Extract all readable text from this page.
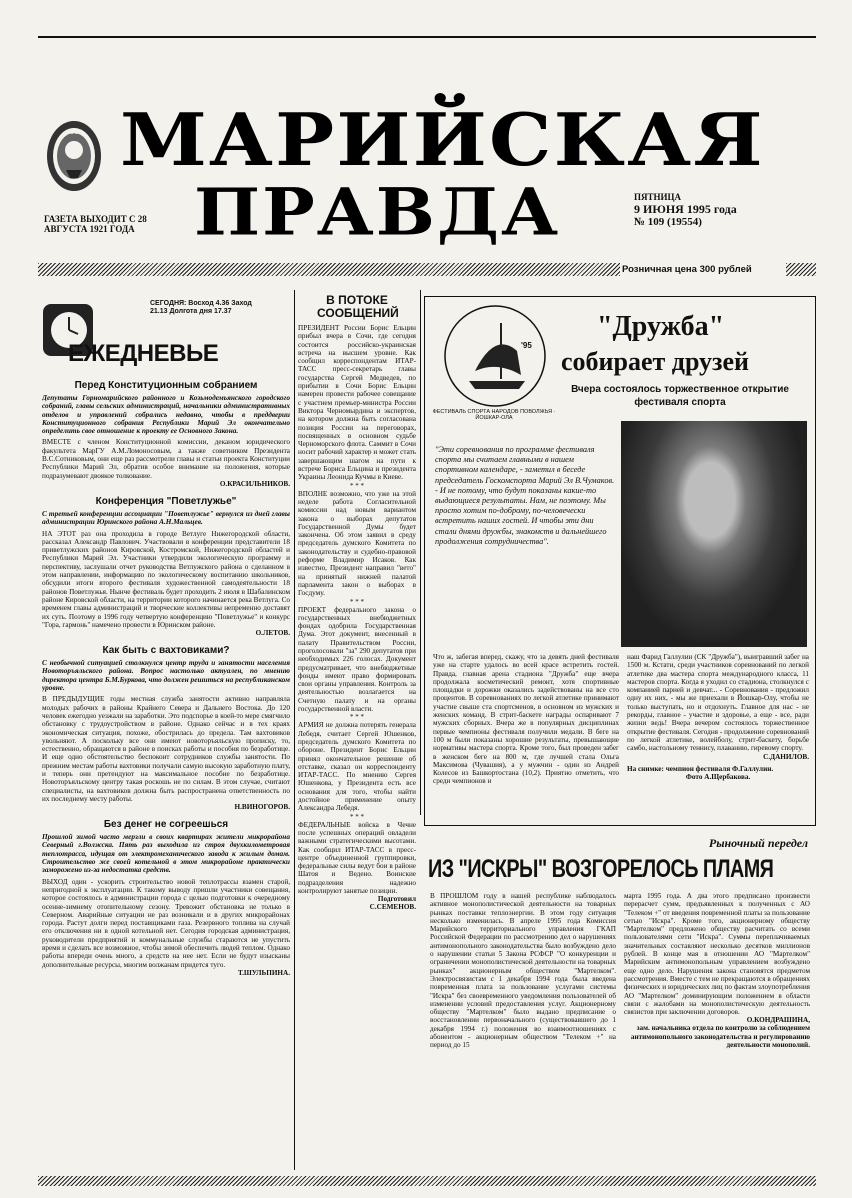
СССР МАРИЙСКАЯ
ПРАВДА
ГАЗЕТА ВЫХОДИТ С 28 АВГУСТА 1921 ГОДА
ПЯТНИЦА
9 ИЮНЯ 1995 года
№ 109 (19554)
Розничная цена 300 рублей
СЕГОДНЯ: Восход 4.36 Заход 21.13 Долгота дня 17.37
ЕЖЕДНЕВЬЕ
Перед Конституционным собранием
Депутаты Горномарийского районного и Козьмодемьянского городского собраний, главы сельских администраций, начальники административных отделов и управлений собрались недавно, чтобы в преддверии Конституционного собрания Республики Марий Эл окончательно определить свое отношение к проекту ее Основного Закона.
ВМЕСТЕ с членом Конституционной комиссии, деканом юридического факультета МарГУ А.М.Ломоносовым, а также советником Президента В.С.Сотниковым, они еще раз рассмотрели главы и статьи проекта Конституции Республики Марий Эл, обратив особое внимание на положения, которые подразумевают двоякое толкование.
О.КРАСИЛЬНИКОВ.
Конференция "Поветлужье"
С третьей конференции ассоциации "Поветлужье" вернулся из дней главы администрации Юринского района А.Н.Мальцев.
НА ЭТОТ раз она проходила в городе Ветлуге Нижегородской области, рассказал Александр Павлович. Участвовали в конференции представители 18 приветлужских районов Кировской, Костромской, Нижегородской областей и Республики Марий Эл. Участники утвердили экологическую программу и перспективу, заслушали отчет руководства Ветлужского района о сделанном в этом направлении, информацию по экологическому воспитанию школьников, обсудили итоги второго фестиваля художественной самодеятельности 18 районов Поветлужья. Нынче фестиваль будет проходить 2 июля в Шабалинском районе Кировской области, на территории которого начинается река Ветлуга. Со временем главы администраций и творческие коллективы непременно доставят их суть. Поэтому в 1996 году четвертую конференцию "Поветлужье" и конкурс "Гора, гармонь" намечено провести в Юринском районе.
О.ЛЕТОВ.
Как быть с вахтовиками?
С необычной ситуацией столкнулся центр труда и занятости населения Новоторъяльского района. Вопрос настолько актуален, по мнению директора центра Б.М.Буркова, что должен решиться на республиканском уровне.
В ПРЕДЫДУЩИЕ годы местная служба занятости активно направляла молодых рабочих в районы Крайнего Севера и Дальнего Востока. До 120 человек ежегодно уезжали на заработки. Это подспорье в коей-то мере смягчило обстановку с трудоустройством в районе. Однако сейчас и в тех краях экономическая ситуация, похоже, обострилась до предела. Там вахтовиков увольняют. А поскольку все они имеют новоторъяльскую прописку, то, естественно, обращаются в районе в поисках работы и пособия по безработице. И еще одно обстоятельство беспокоит сотрудников службы занятости. По прежним местам работы вахтовики получали самую высокую заработную плату, и теперь они претендуют на максимальное пособие по безработице. Новоторъяльскому центру такая роскошь не по силам. В этом случае, считают специалисты, на вахтовиков должна быть распространена ответственность по их последнему месту работы.
Н.ВИНОГОРОВ.
Без денег не согреешься
Прошлой зимой часто мерзли в своих квартирах жители микрорайона Северный г.Волжска. Пять раз выходила из строя двухкилометровая теплотрасса, идущая от электромеханического завода к жилым домам. Строительство же своей котельной в этом микрорайоне практически заморожено из-за недостатка средств.
ВЫХОД один - ускорить строительство новой теплотрассы взамен старой, непригодной к эксплуатации. К такому выводу пришли участники совещания, которое состоялось в администрации города с целью подготовки к очередному осенне-зимнему отопительному сезону. Тревожит обстановка не только в Северном. Аварийные ситуации не раз возникали и в других микрорайонах города. Растут долги перед поставщиками газа. Резервного топлива на случай его отключения ни в одной котельной нет. Сегодня городская администрация, руководители предприятий и коммунальные службы стараются не упустить время и сделать все возможное, чтобы зимой обеспечить людей теплом. Однако работы впереди очень много, а средств на нее нет. Если не будут изысканы дополнительные ресурсы, многим волжанам придется туго.
Т.ШУЛЬПИНА.
В ПОТОКЕ СООБЩЕНИЙ
ПРЕЗИДЕНТ России Борис Ельцин прибыл вчера в Сочи, где сегодня состоится российско-украинская встреча на высшем уровне. Как сообщил корреспондентам ИТАР-ТАСС пресс-секретарь главы государства Сергей Медведев, по прибытии в Сочи Борис Ельцин намерен провести рабочее совещание с участием премьер-министра России Виктора Черномырдина и экспертов, на котором должна быть согласована позиция России на переговорах, посвященных в основном судьбе Черноморского флота. Саммит в Сочи носит рабочий характер и может стать завершающим шагом на пути к встрече Бориса Ельцина и президента Украины Леонида Кучмы в Киеве.
* * *
ВПОЛНЕ возможно, что уже на этой неделе работа Согласительной комиссии над новым вариантом закона о выборах депутатов Государственной Думы будет закончена. Об этом заявил в среду председатель думского Комитета по законодательству и судебно-правовой реформе Владимир Исаков. Как известно, Президент направил "вето" на принятый нижней палатой парламента закон о выборах в Госдуму.
* * *
ПРОЕКТ федерального закона о государственных внебюджетных фондах одобрила Государственная Дума. Этот документ, внесенный в палату Правительством России, проголосовали "за" 290 депутатов при необходимых 226 голосах. Документ предусматривает, что внебюджетные фонды имеют право формировать свои органы управления. Контроль за деятельностью возлагается на Счетную палату и на органы государственной власти.
* * *
АРМИЯ не должна потерять генерала Лебедя, считает Сергей Юшенков, председатель думского Комитета по обороне. Президент Борис Ельцин принял окончательное решение об отставке, сказал он корреспонденту ИТАР-ТАСС. По мнению Сергея Юшенкова, у Президента есть все основания для того, чтобы найти достойное применение опыту Александра Лебедя.
* * *
ФЕДЕРАЛЬНЫЕ войска в Чечне после успешных операций овладели важными стратегическими высотами. Как сообщил ИТАР-ТАСС в пресс-центре объединенной группировки, федеральные силы ведут бои в районе Шатоя и Ведено. Воинские подразделения надежно контролируют занятые позиции.
Подготовил С.СЕМЕНОВ.
ФЕСТИВАЛЬ СПОРТА НАРОДОВ ПОВОЛЖЬЯ · ЙОШКАР-ОЛА
'95
"Дружба"
собирает друзей
Вчера состоялось торжественное открытие фестиваля спорта
"Эти соревнования по программе фестиваля спорта мы считаем главными в нашем спортивном календаре, - заметил в беседе председатель Госкомспорта Марий Эл В.Чумаков. - И не потому, что будут показаны какие-то выдающиеся результаты. Нам, не поэтому. Мы просто хотим по-доброму, по-человечески встретить наших гостей. И чтобы эти дни стали днями дружбы, знакомств и дальнейшего продолжения сотрудничества".
Что ж, забегая вперед, скажу, что за девять дней фестиваля уже на старте удалось во всей красе встретить гостей. Правда, главная арена стадиона "Дружба" еще вчера продолжала косметический ремонт, хотя спортивные площадки и дорожки оказались задействованы на все сто процентов. В соревнованиях по легкой атлетике принимают участие свыше ста спортсменов, в основном из мужских и женских команд. В стрит-баскете награды оспаривают 7 мужских сборных. Вчера же в популярных дисциплинах первые чемпионы фестиваля получили медали. В беге на 100 м были показаны хорошие результаты, превышающие нормативы мастера спорта. Кроме того, был проведен забег в женском беге на 800 м, где лучшей стала Ольга Максимова (Чувашия), а у мужчин - один из Андрей Колесов из Башкортостана (10,2). Приятно отметить, что среди чемпионов и
наш Фарид Галлулин (СК "Дружба"), выигравший забег на 1500 м. Кстати, среди участников соревнований по легкой атлетике два мастера спорта международного класса, 11 мастеров спорта. Когда я уходил со стадиона, столкнулся с компанией парней и девчат... - Соревнования - предложил одну их них, - мы же приехали в Йошкар-Олу, чтобы не только выступать, но и отдохнуть. Главное для нас - не рекорды, главное - участие и здоровье, а еще - все, ради жизни ведь! Вчера вечером состоялось торжественное открытие фестиваля. Сегодня - продолжение соревнований по легкой атлетике, волейболу, стрит-баскету, борьбе самбо, настольному теннису, плаванию, гиревому спорту.
С.ДАНИЛОВ.
На снимке: чемпион фестиваля Ф.Галлулин.
Фото А.Щербакова.
Рыночный передел
ИЗ "ИСКРЫ" ВОЗГОРЕЛОСЬ ПЛАМЯ
В ПРОШЛОМ году в нашей республике наблюдалось активное монополистической деятельности на товарных рынках поставки теплоэнергии. В этом году ситуация несколько изменилась. В апреле 1995 года Комиссия Марийского территориального управления ГКАП Российской Федерации по рассмотрению дел о нарушениях антимонопольного законодательства было возбуждено дело о нарушении статьи 5 Закона РСФСР "О конкуренции и ограничении монополистической деятельности на товарных рынках" акционерным обществом "Мартелком". Электросвязистам с 1 декабря 1994 года была введена повременная плата за пользование услугами системы "Искра" без своевременного уведомления пользователей об изменении условий предоставления услуг. Акционерному обществу "Мартелком" было выдано предписание о восстановлении первоначального (существовавшего до 1 декабря 1994 г.) положения во взаимоотношениях с абонентом - акционерным обществом "Телеком +" на период до 15
марта 1995 года. А два этого предписано произвести перерасчет сумм, предъявленных к полученных с АО "Телеком +" от введения повременной платы за пользование сетью "Искра". Кроме того, акционерному обществу "Мартелком" предложено обществу расчитать со всеми пользователями сети "Искра". Суммы переплачиваемых значительных составляют несколько десятков миллионов рублей. В конце мая в отношении АО "Мартелком" Марийским антимонопольным управлением возбуждено еще одно дело. Нарушения закона становятся предметом рассмотрения. Вместе с тем не прекращаются в обращениях физических и юридических лиц по фактам злоупотребления АО "Мартелком" доминирующим положением в области связи с жалобами на монополистическую деятельность связистов при заключении договоров.
О.КОНДРАШИНА,
зам. начальника отдела по контролю за соблюдением антимонопольного законодательства и регулированию деятельности монополий.
